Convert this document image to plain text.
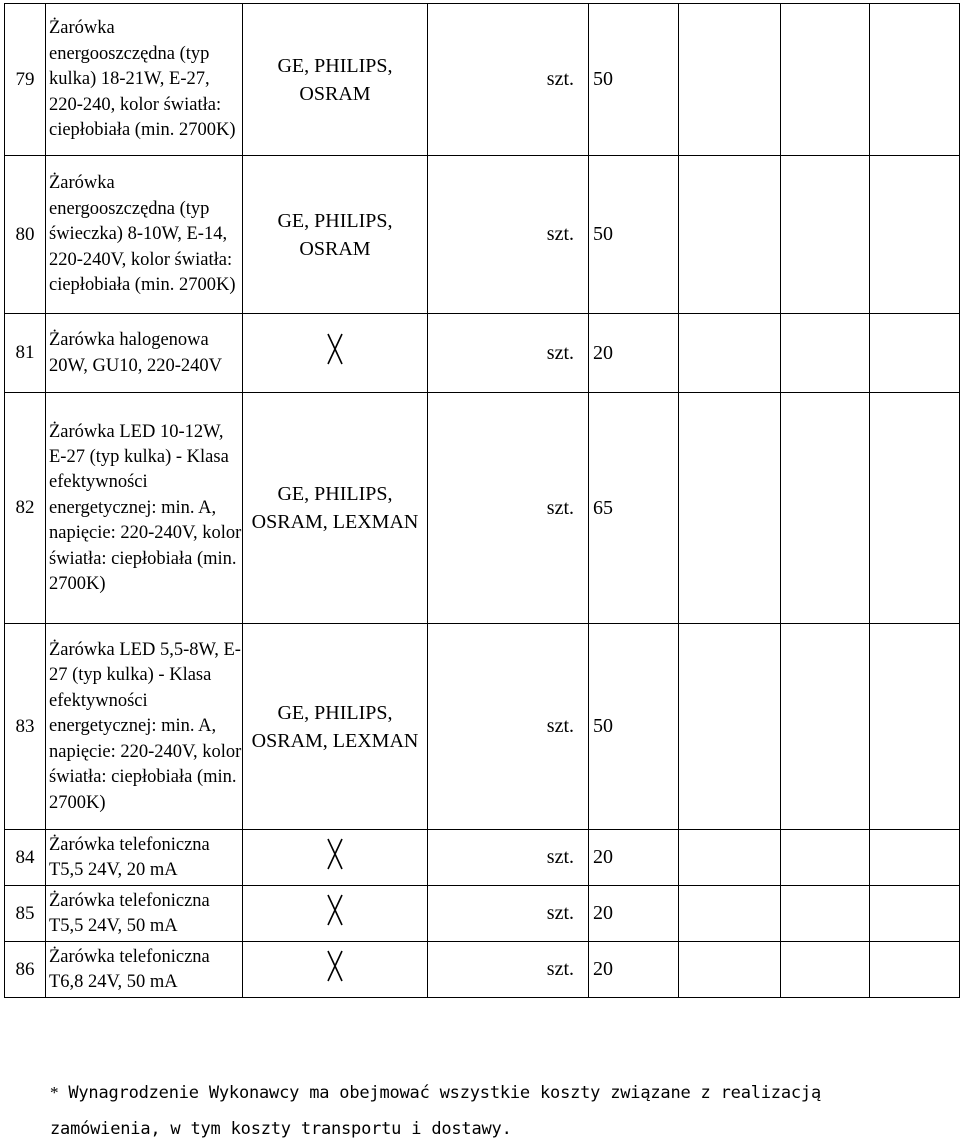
79	Żarówka energooszczędna (typ kulka) 18-21W, E-27, 220-240, kolor światła: ciepłobiała (min. 2700K)	GE, PHILIPS, OSRAM	szt.	50			
80	Żarówka energooszczędna (typ świeczka) 8-10W, E-14, 220-240V, kolor światła: ciepłobiała (min. 2700K)	GE, PHILIPS, OSRAM	szt.	50			
81	Żarówka halogenowa 20W, GU10, 220-240V		szt.	20			
82	Żarówka LED 10-12W, E-27 (typ kulka) - Klasa efektywności energetycznej: min. A, napięcie: 220-240V, kolor światła: ciepłobiała (min. 2700K)	GE, PHILIPS, OSRAM, LEXMAN	szt.	65			
83	Żarówka LED 5,5-8W, E-27 (typ kulka) - Klasa efektywności energetycznej: min. A, napięcie: 220-240V, kolor światła: ciepłobiała (min. 2700K)	GE, PHILIPS, OSRAM, LEXMAN	szt.	50			
84	Żarówka telefoniczna T5,5 24V, 20 mA		szt.	20			
85	Żarówka telefoniczna T5,5 24V, 50 mA		szt.	20			
86	Żarówka telefoniczna T6,8 24V, 50 mA		szt.	20			
* Wynagrodzenie Wykonawcy ma obejmować wszystkie koszty związane z realizacją zamówienia, w tym koszty transportu i dostawy.
